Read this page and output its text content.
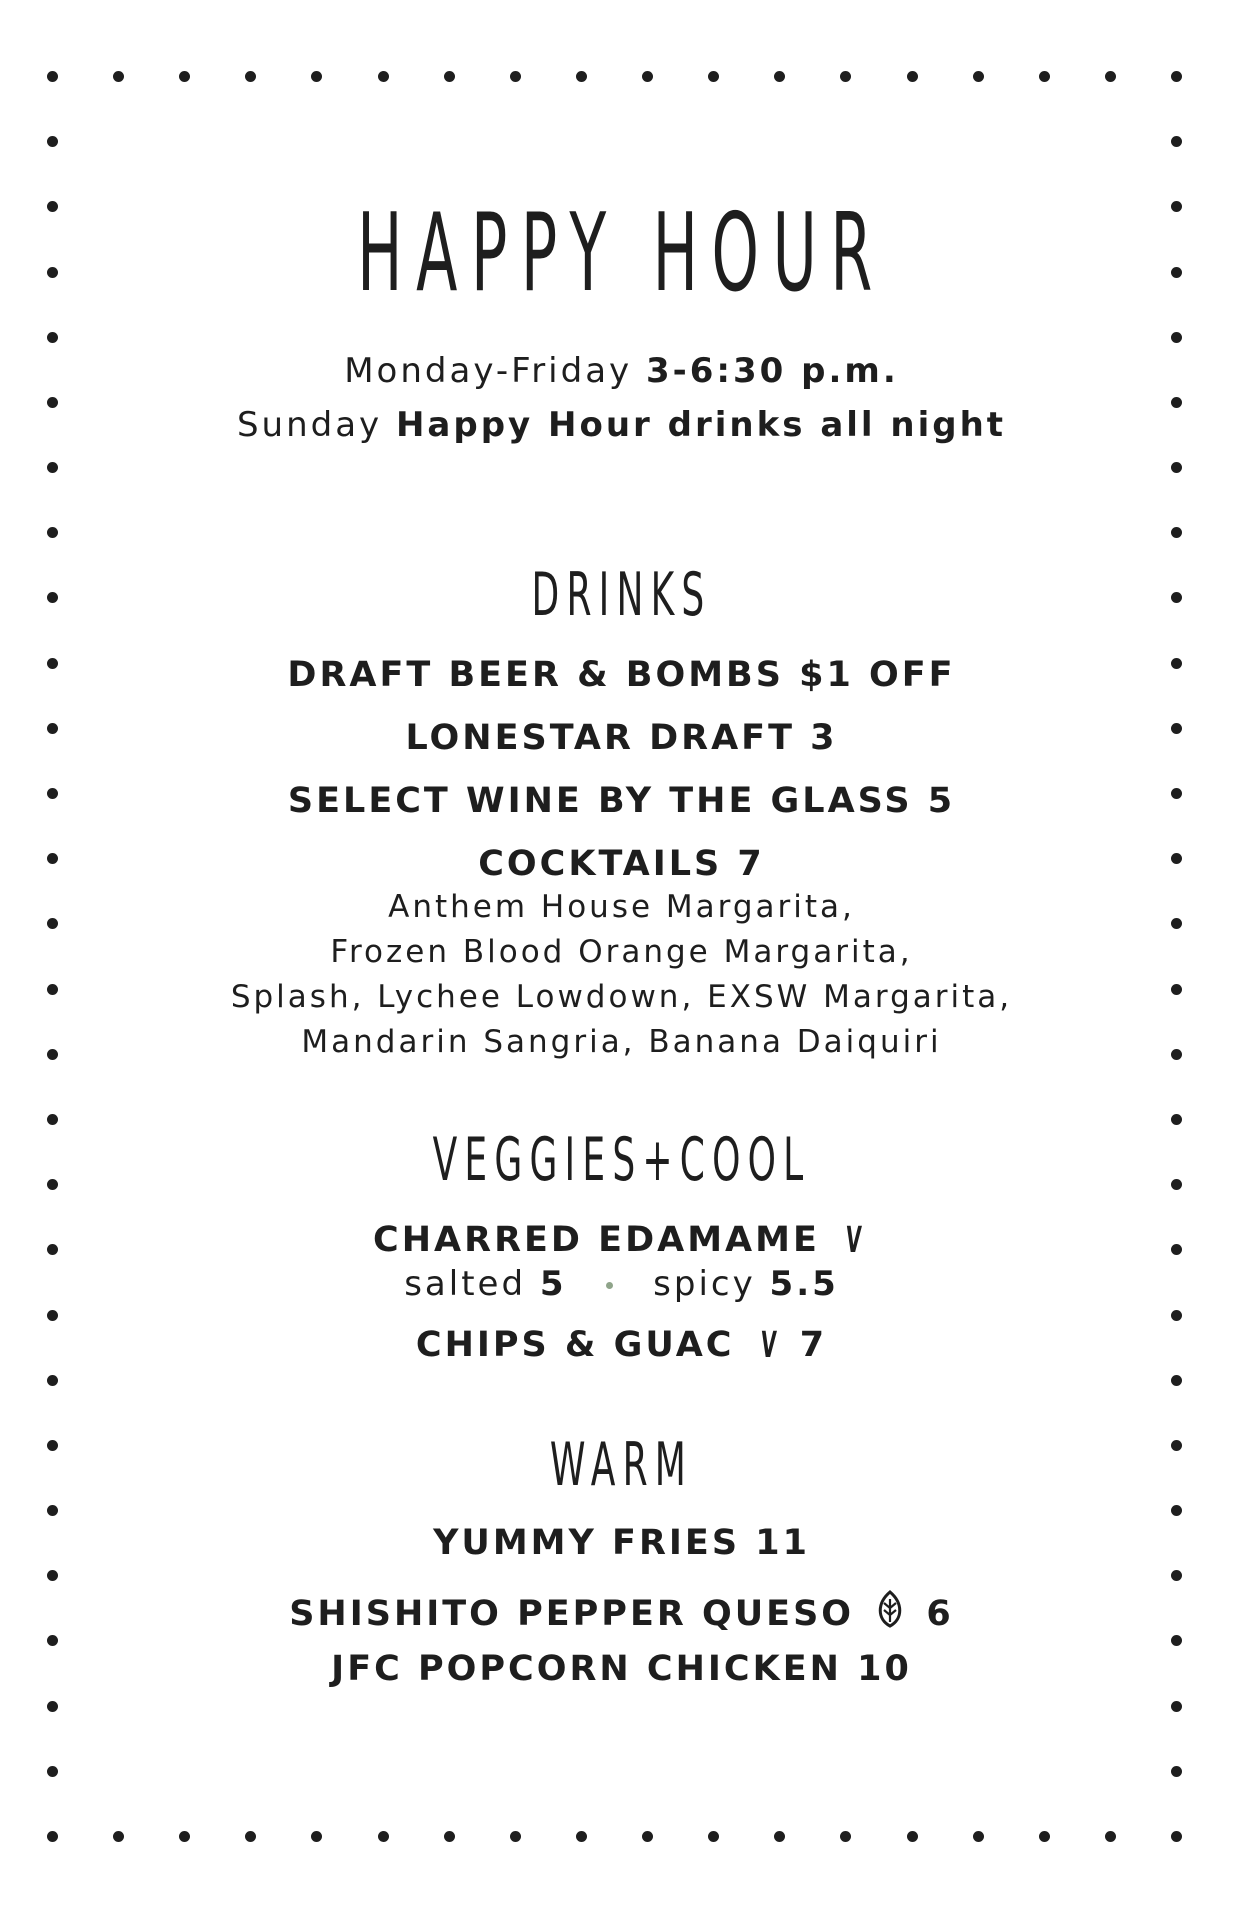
HAPPY HOUR
Monday-Friday 3-6:30 p.m.
Sunday Happy Hour drinks all night
DRINKS
DRAFT BEER & BOMBS $1 OFF
LONESTAR DRAFT 3
SELECT WINE BY THE GLASS 5
COCKTAILS 7
Anthem House Margarita,
Frozen Blood Orange Margarita,
Splash, Lychee Lowdown, EXSW Margarita,
Mandarin Sangria, Banana Daiquiri
VEGGIES+COOL
CHARRED EDAMAME V
salted 5	spicy 5.5
CHIPS & GUAC V 7
WARM
YUMMY FRIES 11
SHISHITO PEPPER QUESO 6
JFC POPCORN CHICKEN 10
